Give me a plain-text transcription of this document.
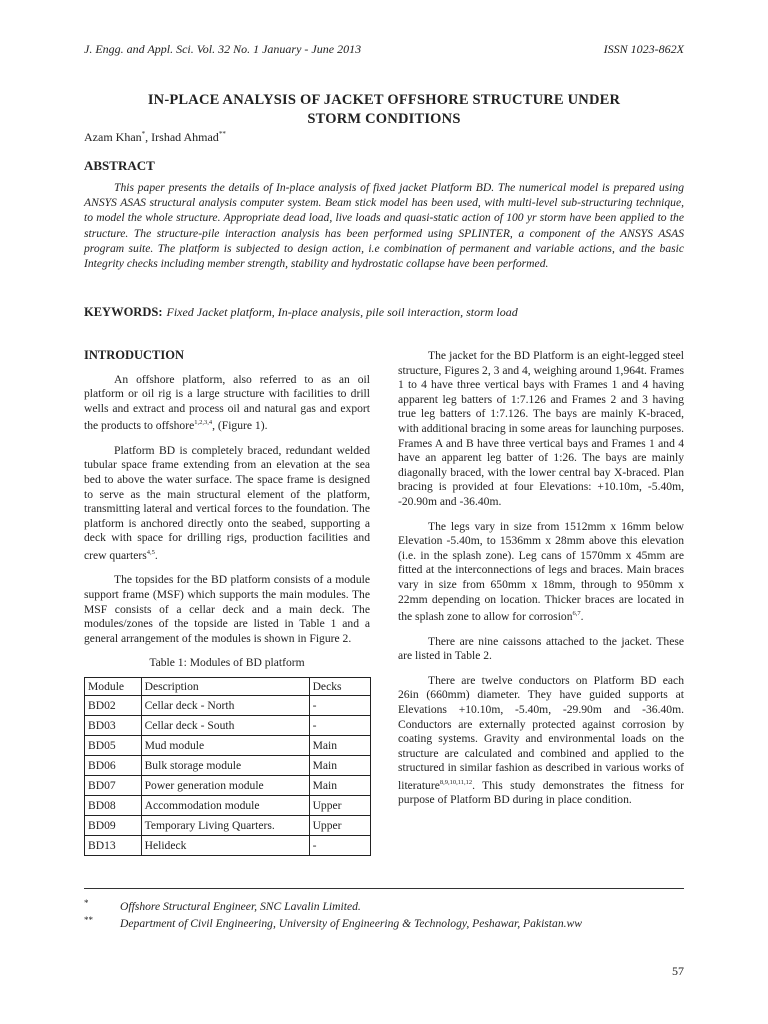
J. Engg. and Appl. Sci. Vol. 32 No. 1 January - June 2013	ISSN 1023-862X
IN-PLACE ANALYSIS OF JACKET OFFSHORE STRUCTURE UNDER
STORM CONDITIONS
Azam Khan*, Irshad Ahmad**
ABSTRACT

This paper presents the details of In-place analysis of fixed jacket Platform BD. The numerical model is prepared using ANSYS ASAS structural analysis computer system. Beam stick model has been used, with multi-level sub-structuring technique, to model the whole structure. Appropriate dead load, live loads and quasi-static action of 100 yr storm have been applied to the structure. The structure-pile interaction analysis has been performed using SPLINTER, a component of the ANSYS ASAS program suite. The platform is subjected to design action, i.e combination of permanent and variable actions, and the basic Integrity checks including member strength, stability and hydrostatic collapse have been performed.

KEYWORDS: Fixed Jacket platform, In-place analysis, pile soil interaction, storm load
INTRODUCTION

An offshore platform, also referred to as an oil platform or oil rig is a large structure with facilities to drill wells and extract and process oil and natural gas and export the products to offshore$^{1,2,3,4}$, (Figure 1).

Platform BD is completely braced, redundant welded tubular space frame extending from an elevation at the sea bed to above the water surface. The space frame is designed to serve as the main structural element of the platform, transmitting lateral and vertical forces to the foundation. The platform is anchored directly onto the seabed, supporting a deck with space for drilling rigs, production facilities and crew quarters$^{4,5}$.

The topsides for the BD platform consists of a module support frame (MSF) which supports the main modules. The MSF consists of a cellar deck and a main deck. The modules/zones of the topside are listed in Table 1 and a general arrangement of the modules is shown in Figure 2.

Table 1: Modules of BD platform
Module	Description	Decks
BD02	Cellar deck - North	-
BD03	Cellar deck - South	-
BD05	Mud module	Main
BD06	Bulk storage module	Main
BD07	Power generation module	Main
BD08	Accommodation module	Upper
BD09	Temporary Living Quarters.	Upper
BD13	Helideck	-

The jacket for the BD Platform is an eight-legged steel structure, Figures 2, 3 and 4, weighing around 1,964t. Frames 1 to 4 have three vertical bays with Frames 1 and 4 having apparent leg batters of 1:7.126 and Frames 2 and 3 having true leg batters of 1:7.126. The bays are mainly K-braced, with additional bracing in some areas for launching purposes. Frames A and B have three vertical bays and Frames 1 and 4 have an apparent leg batter of 1:26. The bays are mainly diagonally braced, with the lower central bay X-braced. Plan bracing is provided at four Elevations: +10.10m, -5.40m, -20.90m and -36.40m.

The legs vary in size from 1512mm x 16mm below Elevation -5.40m, to 1536mm x 28mm above this elevation (i.e. in the splash zone). Leg cans of 1570mm x 45mm are fitted at the interconnections of legs and braces. Main braces vary in size from 650mm x 18mm, through to 950mm x 22mm depending on location. Thicker braces are located in the splash zone to allow for corrosion$^{6,7}$.

There are nine caissons attached to the jacket. These are listed in Table 2.

There are twelve conductors on Platform BD each 26in (660mm) diameter. They have guided supports at Elevations +10.10m, -5.40m, -29.90m and -36.40m. Conductors are externally protected against corrosion by coating systems. Gravity and environmental loads on the structure are calculated and combined and applied to the structured in similar fashion as described in various works of literature$^{8,9,10,11,12}$. This study demonstrates the fitness for purpose of Platform BD during in place condition.

*	Offshore Structural Engineer, SNC Lavalin Limited.
** Department of Civil Engineering, University of Engineering & Technology, Peshawar, Pakistan.ww
57
